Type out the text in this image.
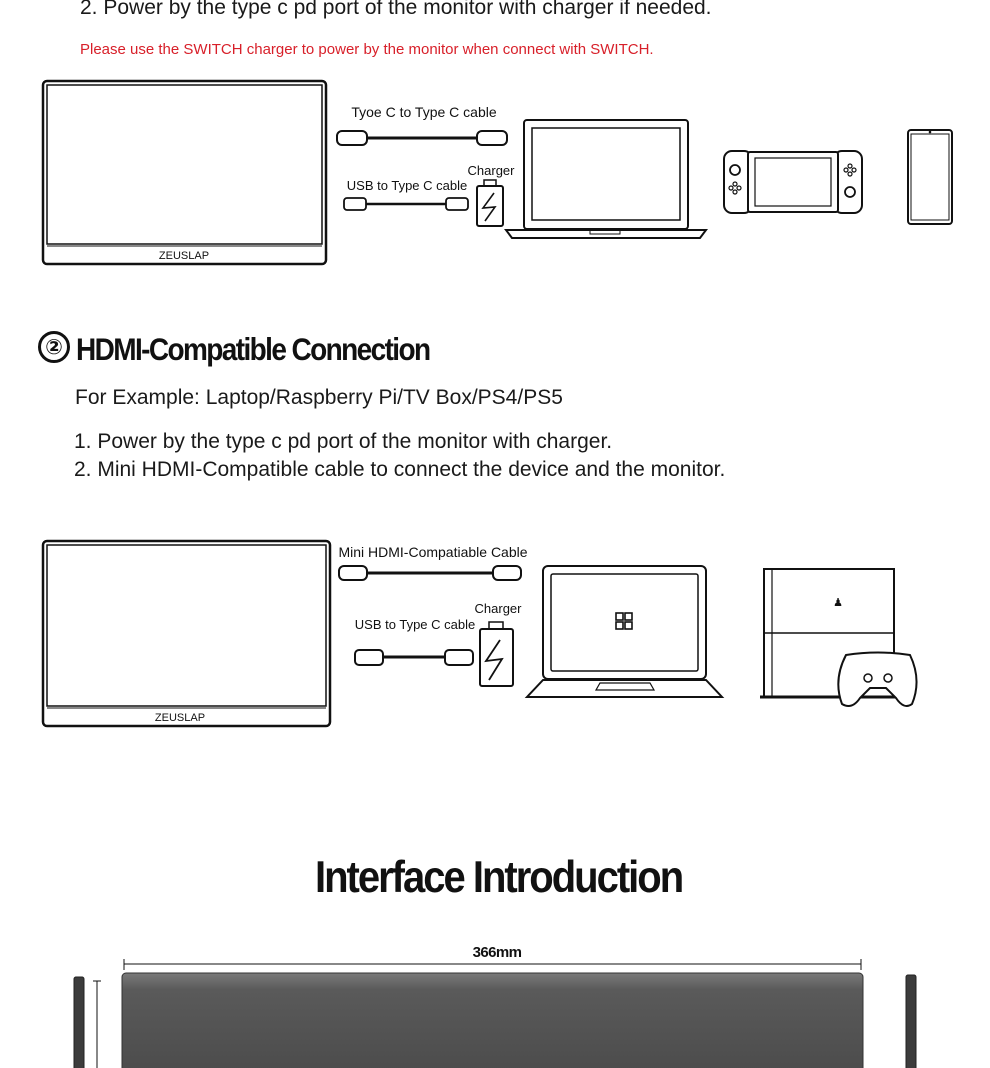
2. Power by the type c pd port of the monitor with charger if needed.
Please use the SWITCH charger to power by the monitor when connect with SWITCH.
ZEUSLAP
Tyoe C to Type C cable
USB to Type C cable
Charger
② HDMI-Compatible Connection
For Example: Laptop/Raspberry Pi/TV Box/PS4/PS5
1. Power by the type c pd port of the monitor with charger.
2. Mini HDMI-Compatible cable to connect the device and the monitor.
ZEUSLAP
Mini HDMI-Compatiable Cable
USB to Type C cable
Charger	♟
Interface Introduction
366mm
